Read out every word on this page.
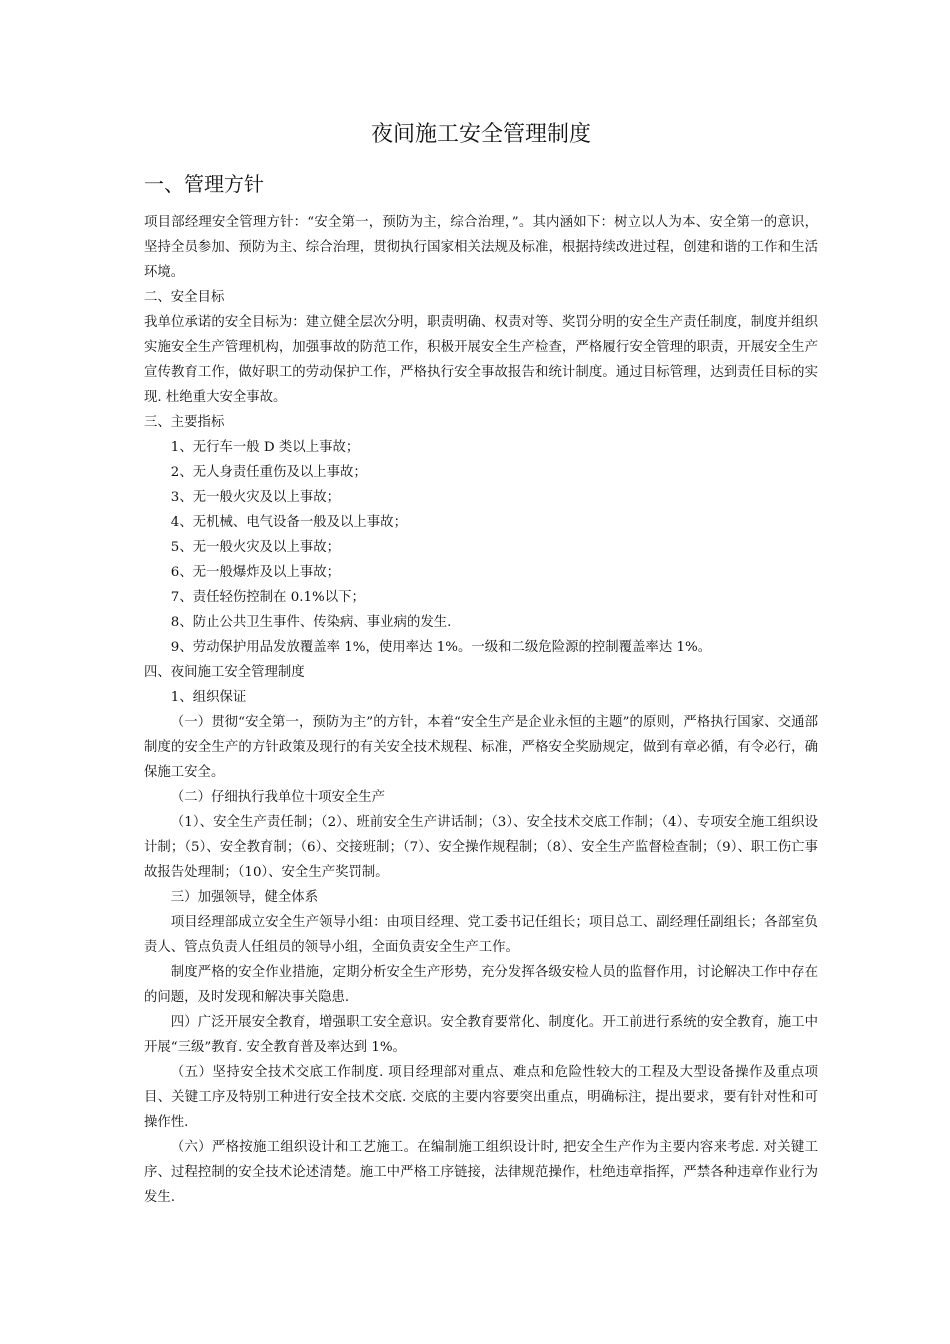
夜间施工安全管理制度
一、管理方针

项目部经理安全管理方针：“安全第一，预防为主，综合治理，”。其内涵如下：树立以人为本、安全第一的意识，坚持全员参加、预防为主、综合治理，贯彻执行国家相关法规及标准，根据持续改进过程，创建和谐的工作和生活环境。

二、安全目标

我单位承诺的安全目标为：建立健全层次分明，职责明确、权责对等、奖罚分明的安全生产责任制度，制度并组织实施安全生产管理机构，加强事故的防范工作，积极开展安全生产检查，严格履行安全管理的职责，开展安全生产宣传教育工作，做好职工的劳动保护工作，严格执行安全事故报告和统计制度。通过目标管理，达到责任目标的实现. 杜绝重大安全事故。

三、主要指标

1、无行车一般 D 类以上事故；

2、无人身责任重伤及以上事故；

3、无一般火灾及以上事故；

4、无机械、电气设备一般及以上事故；

5、无一般火灾及以上事故；

6、无一般爆炸及以上事故；

7、责任轻伤控制在 0.1%以下；

8、防止公共卫生事件、传染病、事业病的发生.

9、劳动保护用品发放覆盖率 1%，使用率达 1%。一级和二级危险源的控制覆盖率达 1%。

四、夜间施工安全管理制度

1、组织保证

（一）贯彻“安全第一，预防为主”的方针，本着“安全生产是企业永恒的主题”的原则，严格执行国家、交通部制度的安全生产的方针政策及现行的有关安全技术规程、标准，严格安全奖励规定，做到有章必循，有令必行，确保施工安全。

（二）仔细执行我单位十项安全生产

（1）、安全生产责任制；（2）、班前安全生产讲话制；（3）、安全技术交底工作制；（4）、专项安全施工组织设计制；（5）、安全教育制；（6）、交接班制；（7）、安全操作规程制；（8）、安全生产监督检查制；（9）、职工伤亡事故报告处理制；（10）、安全生产奖罚制。

三）加强领导，健全体系

项目经理部成立安全生产领导小组：由项目经理、党工委书记任组长；项目总工、副经理任副组长；各部室负责人、管点负责人任组员的领导小组，全面负责安全生产工作。

制度严格的安全作业措施，定期分析安全生产形势，充分发挥各级安检人员的监督作用，讨论解决工作中存在的问题，及时发现和解决事关隐患.

四）广泛开展安全教育，增强职工安全意识。安全教育要常化、制度化。开工前进行系统的安全教育，施工中开展“三级”教育. 安全教育普及率达到 1%。

（五）坚持安全技术交底工作制度. 项目经理部对重点、难点和危险性较大的工程及大型设备操作及重点项目、关键工序及特别工种进行安全技术交底. 交底的主要内容要突出重点，明确标注，提出要求，要有针对性和可操作性.

（六）严格按施工组织设计和工艺施工。在编制施工组织设计时, 把安全生产作为主要内容来考虑. 对关键工序、过程控制的安全技术论述清楚。施工中严格工序链接，法律规范操作，杜绝违章指挥，严禁各种违章作业行为发生.
